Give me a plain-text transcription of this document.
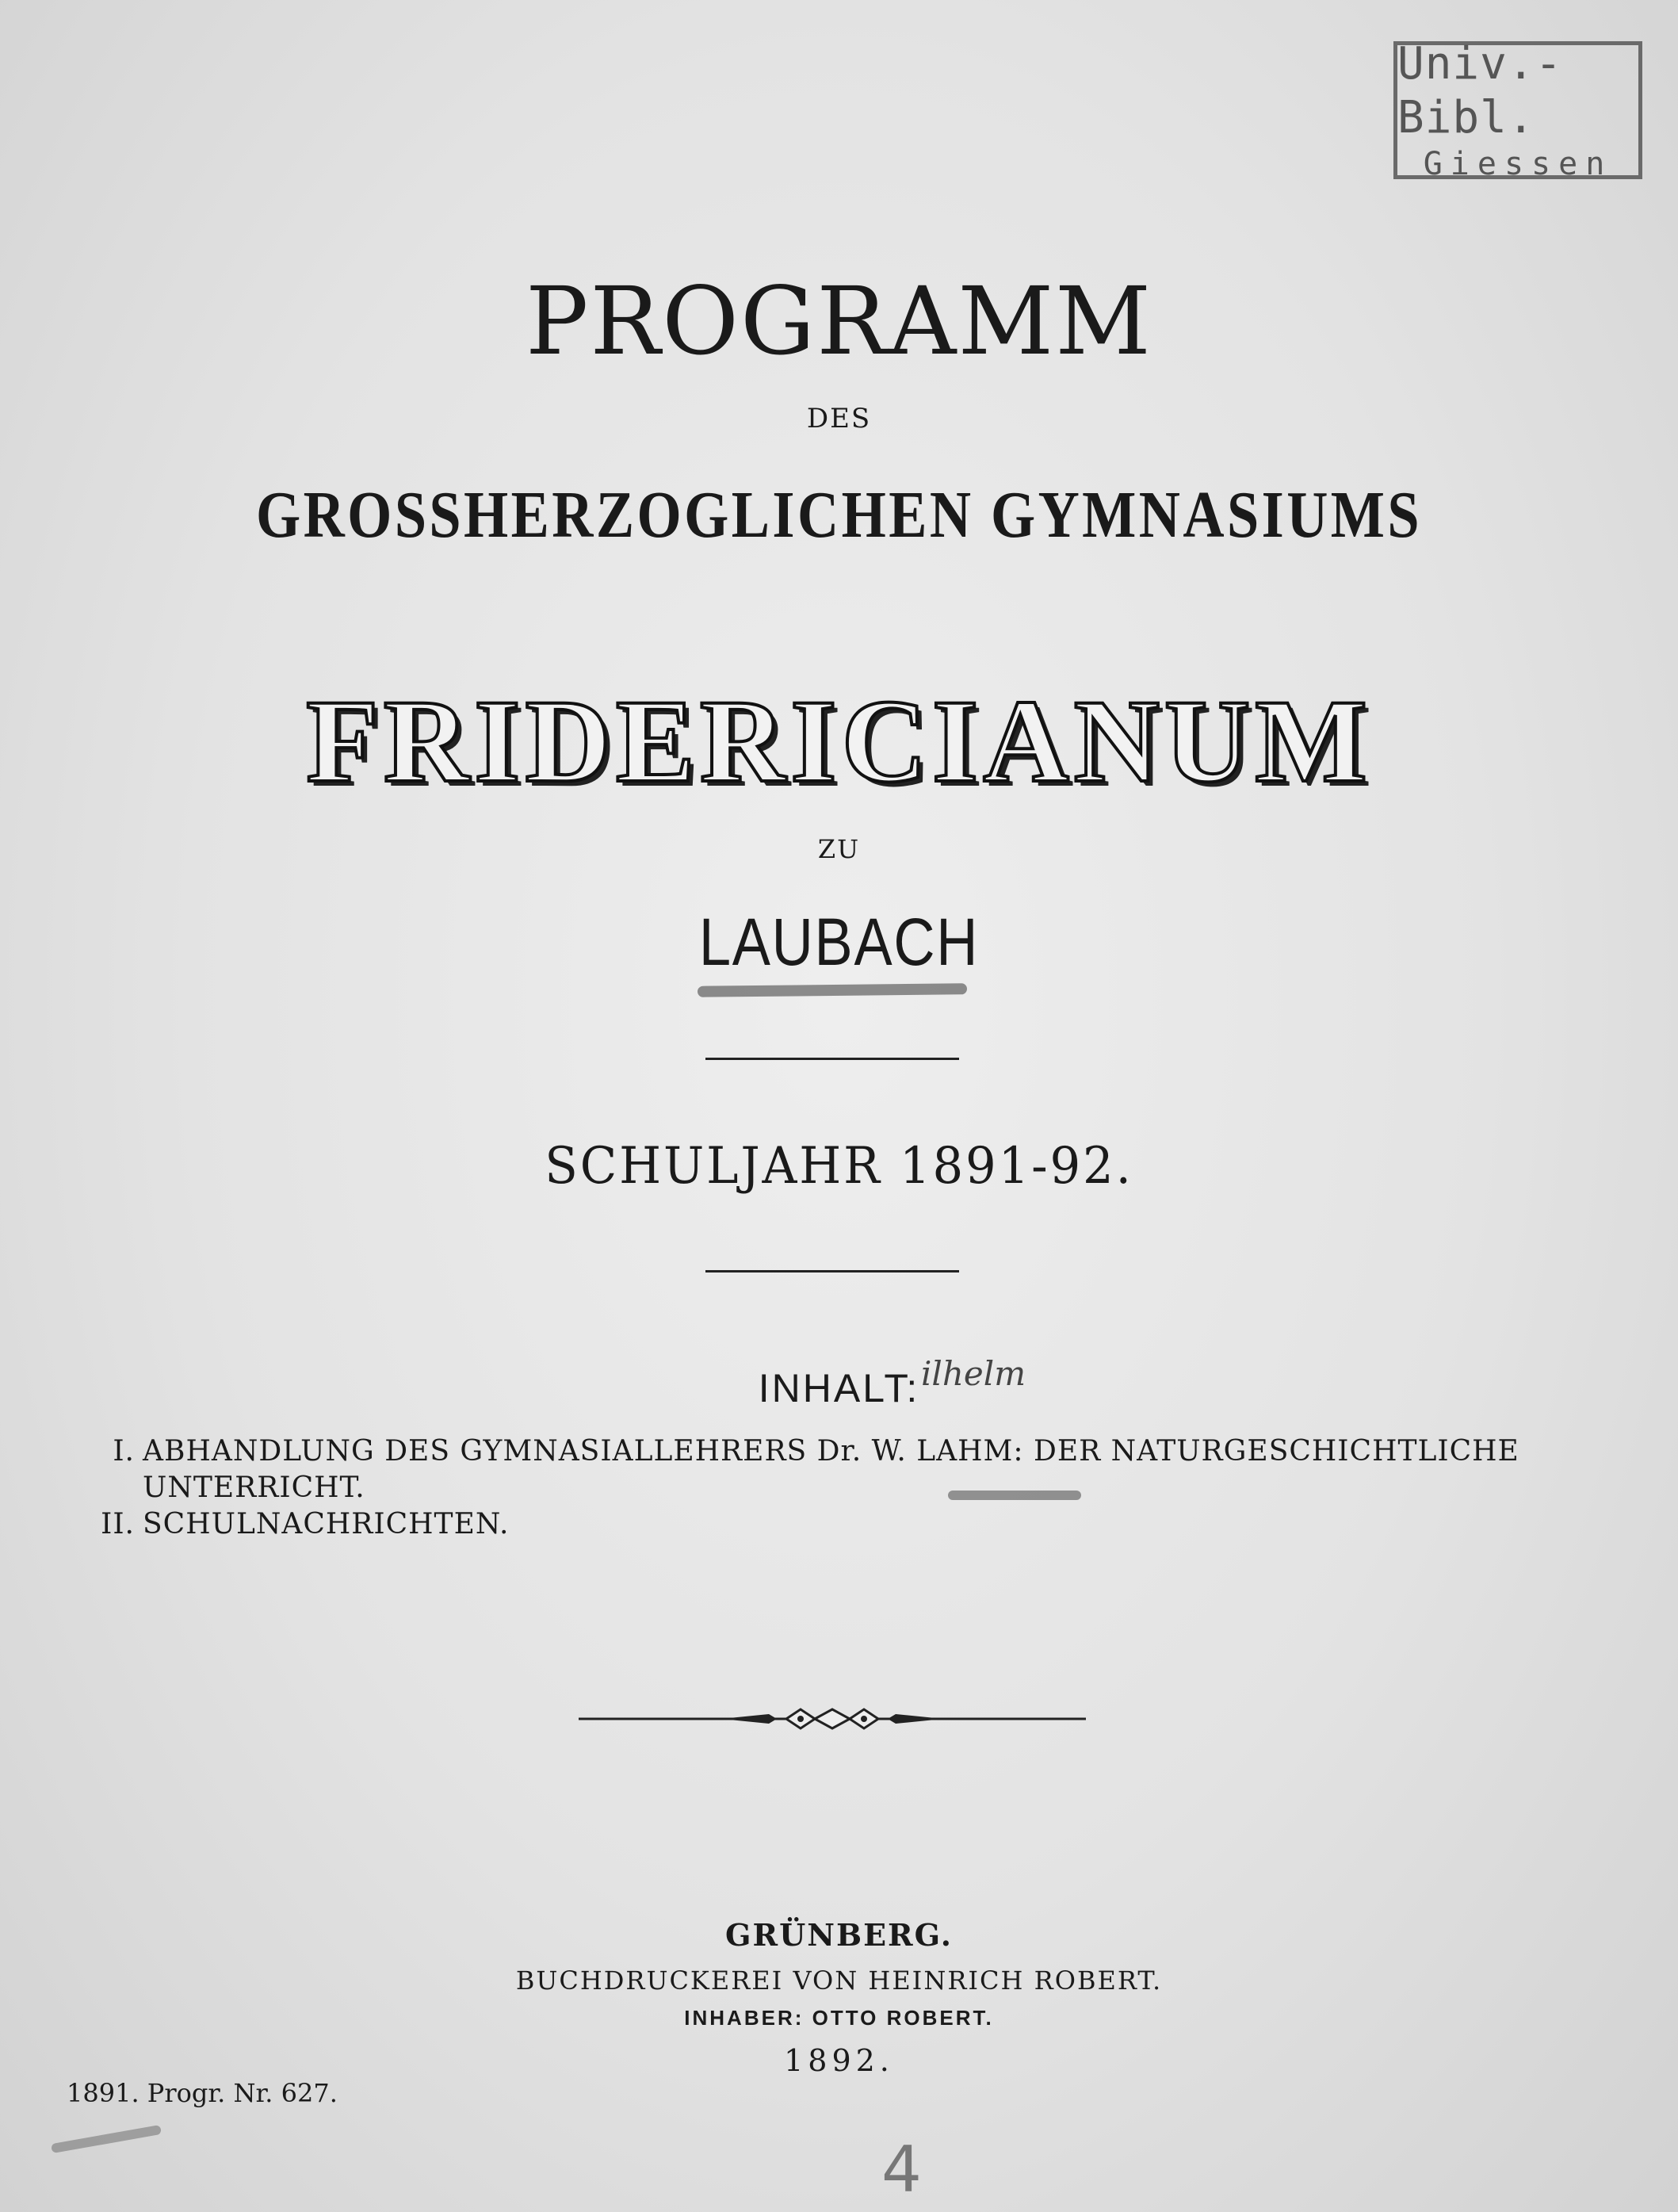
Univ.-Bibl.
Giessen
PROGRAMM
DES
GROSSHERZOGLICHEN GYMNASIUMS
FRIDERICIANUM
ZU
LAUBACH
SCHULJAHR 1891-92.
INHALT: ilhelm
I. ABHANDLUNG DES GYMNASIALLEHRERS Dr. W. LAHM: DER NATURGESCHICHTLICHE
UNTERRICHT.
II. SCHULNACHRICHTEN.
GRÜNBERG.
BUCHDRUCKEREI VON HEINRICH ROBERT.
INHABER: OTTO ROBERT.
1892.
1891. Progr. Nr. 627.
4
